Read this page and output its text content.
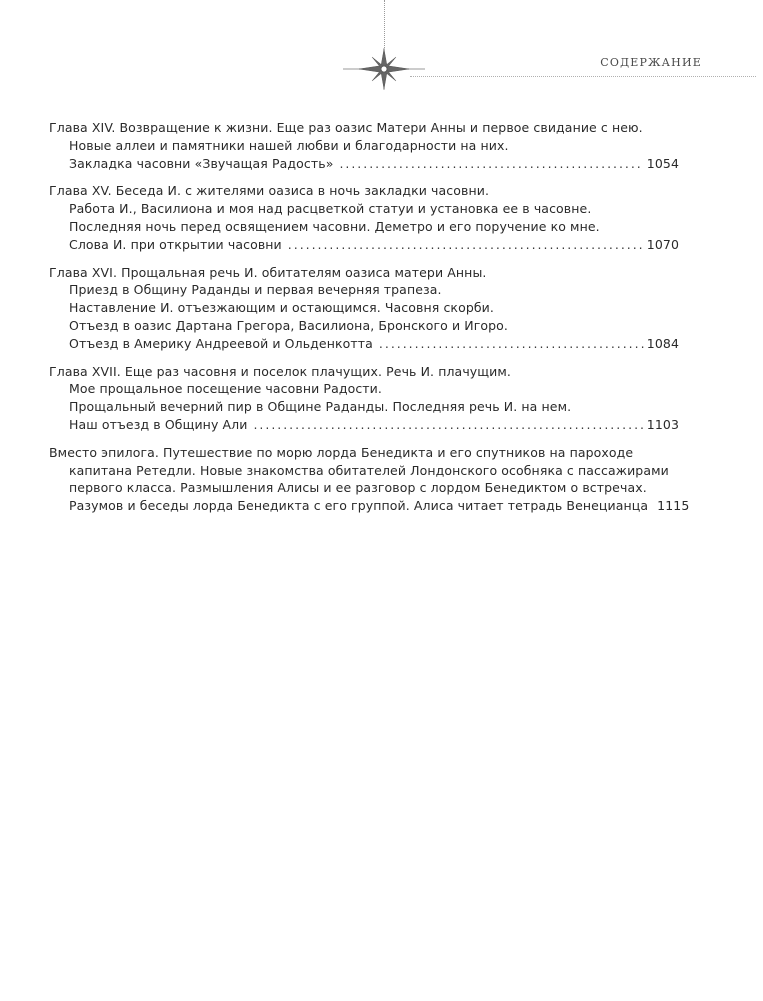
СОДЕРЖАНИЕ
Глава XIV. Возвращение к жизни. Еще раз оазис Матери Анны и первое свидание с нею.
Новые аллеи и памятники нашей любви и благодарности на них.
Закладка часовни «Звучащая Радость» . . .	1054
Глава XV. Беседа И. с жителями оазиса в ночь закладки часовни.
Работа И., Василиона и моя над расцветкой статуи и установка ее в часовне.
Последняя ночь перед освящением часовни. Деметро и его поручение ко мне.
Слова И. при открытии часовни . . .	1070
Глава XVI. Прощальная речь И. обитателям оазиса матери Анны.
Приезд в Общину Раданды и первая вечерняя трапеза.
Наставление И. отъезжающим и остающимся. Часовня скорби.
Отъезд в оазис Дартана Грегора, Василиона, Бронского и Игоро.
Отъезд в Америку Андреевой и Ольденкотта . . .	1084
Глава XVII. Еще раз часовня и поселок плачущих. Речь И. плачущим.
Мое прощальное посещение часовни Радости.
Прощальный вечерний пир в Общине Раданды. Последняя речь И. на нем.
Наш отъезд в Общину Али . . .	1103
Вместо эпилога. Путешествие по морю лорда Бенедикта и его спутников на пароходе
капитана Ретедли. Новые знакомства обитателей Лондонского особняка с пассажирами
первого класса. Размышления Алисы и ее разговор с лордом Бенедиктом о встречах.
Разумов и беседы лорда Бенедикта с его группой. Алиса читает тетрадь Венецианца 1115
